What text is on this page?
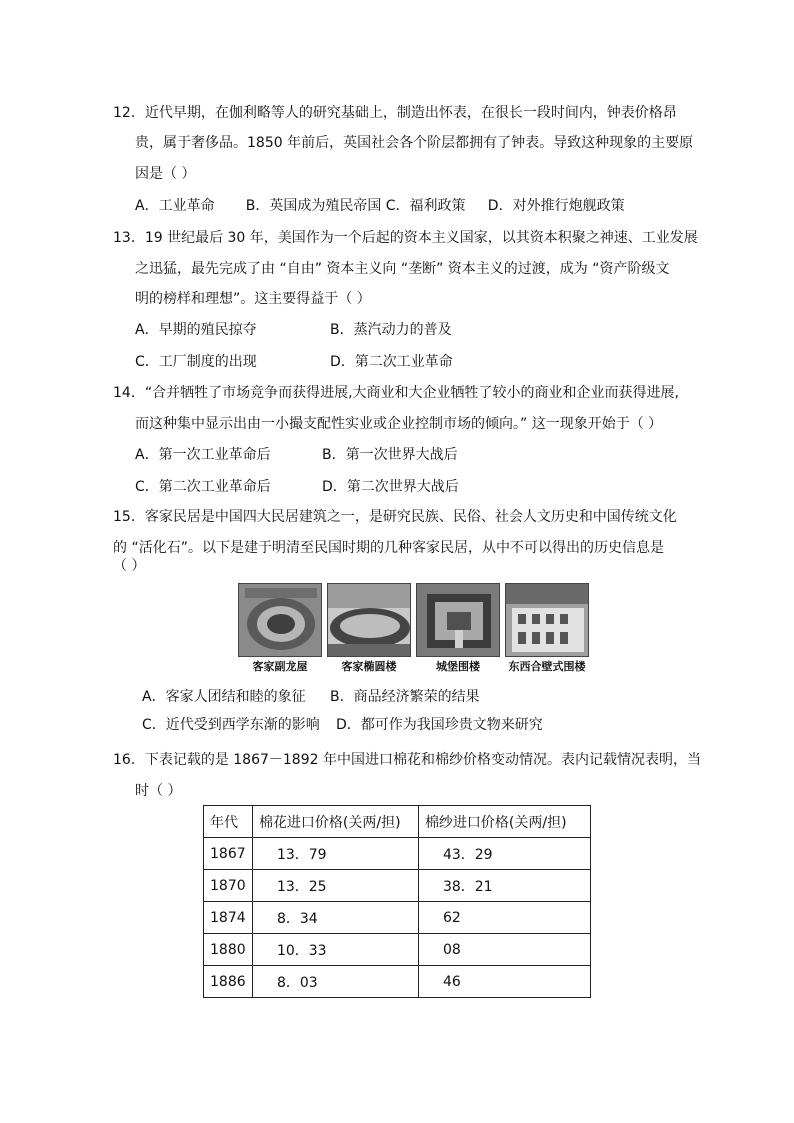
12．近代早期，在伽利略等人的研究基础上，制造出怀表，在很长一段时间内，钟表价格昂
贵，属于奢侈品。1850 年前后，英国社会各个阶层都拥有了钟表。导致这种现象的主要原
因是（ ）
A．工业革命       B．英国成为殖民帝国 C．福利政策     D．对外推行炮舰政策
13．19 世纪最后 30 年，美国作为一个后起的资本主义国家，以其资本积聚之神速、工业发展
之迅猛，最先完成了由 “自由” 资本主义向 “垄断” 资本主义的过渡，成为 “资产阶级文
明的榜样和理想”。这主要得益于（ ）
A．早期的殖民掠夺	B．蒸汽动力的普及
C．工厂制度的出现	D．第二次工业革命
14．“合并牺牲了市场竞争而获得进展,大商业和大企业牺牲了较小的商业和企业而获得进展,
而这种集中显示出由一小撮支配性实业或企业控制市场的倾向。” 这一现象开始于（ ）
A．第一次工业革命后	B．第一次世界大战后
C．第二次工业革命后	D．第二次世界大战后
15．客家民居是中国四大民居建筑之一，是研究民族、民俗、社会人文历史和中国传统文化
的 “活化石”。以下是建于明清至民国时期的几种客家民居，从中不可以得出的历史信息是
（ ）
客家副龙屋	客家椭圆楼	城堡围楼	东西合壁式围楼
A．客家人团结和睦的象征 B．商品经济繁荣的结果
C．近代受到西学东渐的影响 D．都可作为我国珍贵文物来研究
16．下表记载的是 1867－1892 年中国进口棉花和棉纱价格变动情况。表内记载情况表明，当
时（ ）
年代	棉花进口价格(关两/担)	棉纱进口价格(关两/担)
1867	13．79	43．29
1870	13．25	38．21
1874	8．34	62
1880	10．33	08
1886	8．03	46
